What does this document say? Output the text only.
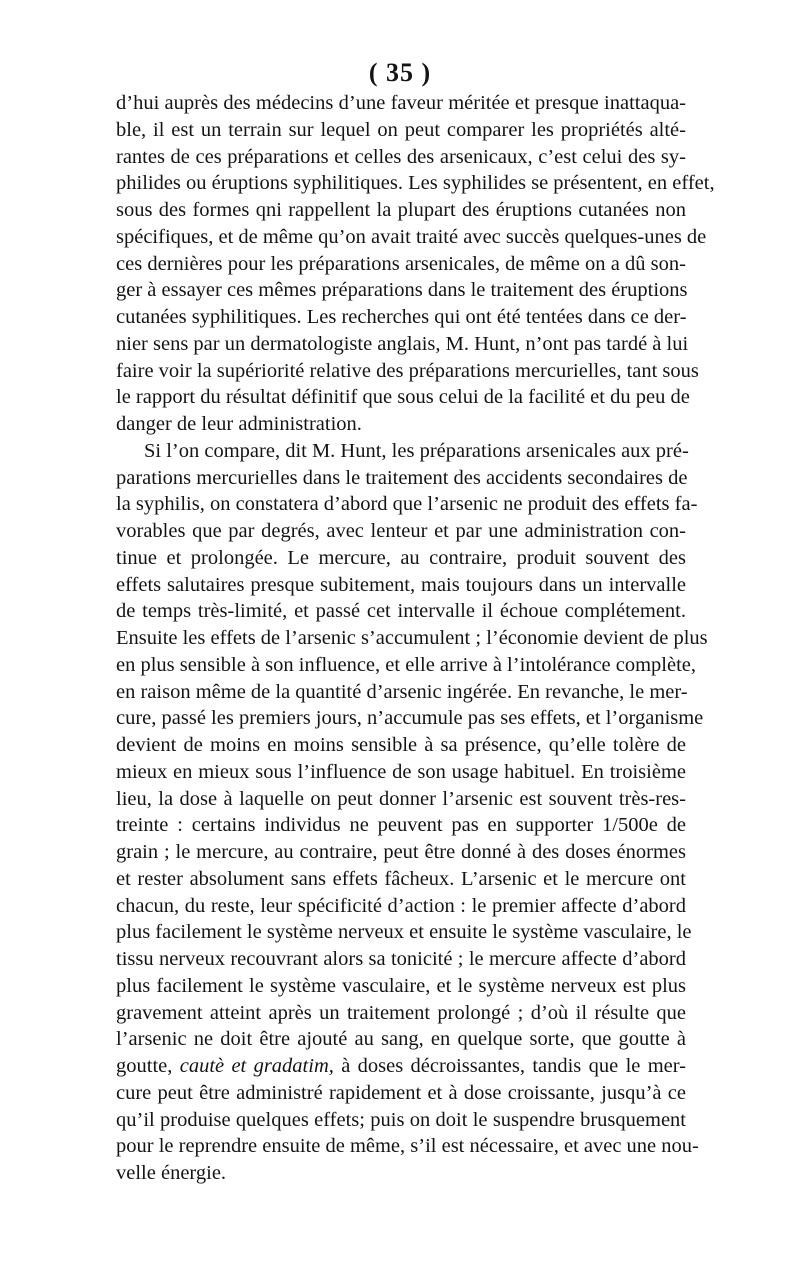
( 35 )
d’hui auprès des médecins d’une faveur méritée et presque inattaqua-
ble, il est un terrain sur lequel on peut comparer les propriétés alté-
rantes de ces préparations et celles des arsenicaux, c’est celui des sy-
philides ou éruptions syphilitiques. Les syphilides se présentent, en effet,
sous des formes qni rappellent la plupart des éruptions cutanées non
spécifiques, et de même qu’on avait traité avec succès quelques-unes de
ces dernières pour les préparations arsenicales, de même on a dû son-
ger à essayer ces mêmes préparations dans le traitement des éruptions
cutanées syphilitiques. Les recherches qui ont été tentées dans ce der-
nier sens par un dermatologiste anglais, M. Hunt, n’ont pas tardé à lui
faire voir la supériorité relative des préparations mercurielles, tant sous
le rapport du résultat définitif que sous celui de la facilité et du peu de
danger de leur administration.
Si l’on compare, dit M. Hunt, les préparations arsenicales aux pré-
parations mercurielles dans le traitement des accidents secondaires de
la syphilis, on constatera d’abord que l’arsenic ne produit des effets fa-
vorables que par degrés, avec lenteur et par une administration con-
tinue et prolongée. Le mercure, au contraire, produit souvent des
effets salutaires presque subitement, mais toujours dans un intervalle
de temps très-limité, et passé cet intervalle il échoue complétement.
Ensuite les effets de l’arsenic s’accumulent ; l’économie devient de plus
en plus sensible à son influence, et elle arrive à l’intolérance complète,
en raison même de la quantité d’arsenic ingérée. En revanche, le mer-
cure, passé les premiers jours, n’accumule pas ses effets, et l’organisme
devient de moins en moins sensible à sa présence, qu’elle tolère de
mieux en mieux sous l’influence de son usage habituel. En troisième
lieu, la dose à laquelle on peut donner l’arsenic est souvent très-res-
treinte : certains individus ne peuvent pas en supporter 1/500e de
grain ; le mercure, au contraire, peut être donné à des doses énormes
et rester absolument sans effets fâcheux. L’arsenic et le mercure ont
chacun, du reste, leur spécificité d’action : le premier affecte d’abord
plus facilement le système nerveux et ensuite le système vasculaire, le
tissu nerveux recouvrant alors sa tonicité ; le mercure affecte d’abord
plus facilement le système vasculaire, et le système nerveux est plus
gravement atteint après un traitement prolongé ; d’où il résulte que
l’arsenic ne doit être ajouté au sang, en quelque sorte, que goutte à
goutte, cautè et gradatim, à doses décroissantes, tandis que le mer-
cure peut être administré rapidement et à dose croissante, jusqu’à ce
qu’il produise quelques effets; puis on doit le suspendre brusquement
pour le reprendre ensuite de même, s’il est nécessaire, et avec une nou-
velle énergie.
